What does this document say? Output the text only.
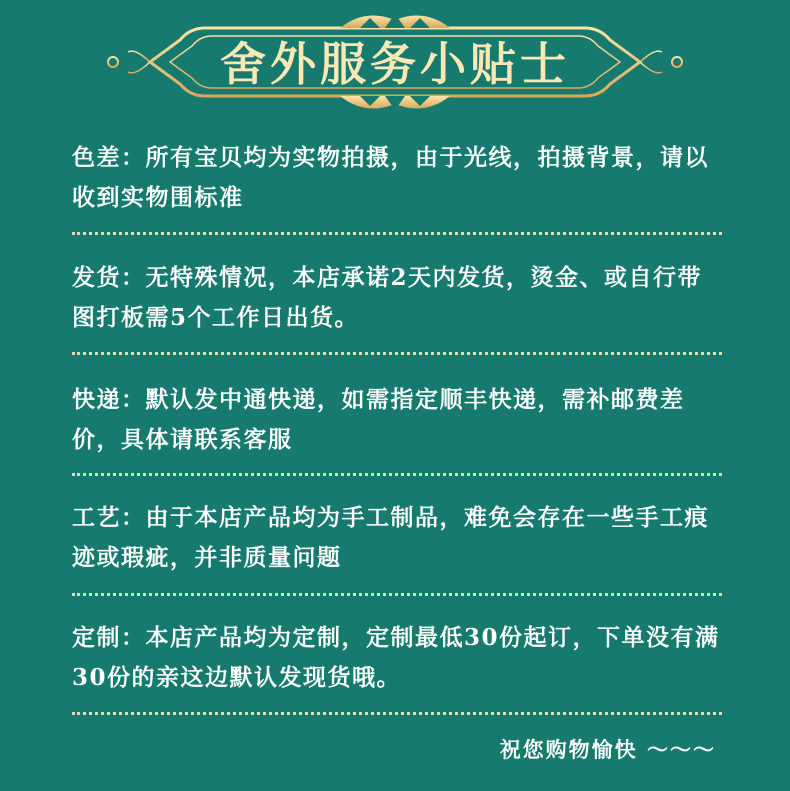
舍外服务小贴士

色差：所有宝贝均为实物拍摄，由于光线，拍摄背景，请以收到实物围标准

发货：无特殊情况，本店承诺2天内发货，烫金、或自行带图打板需5个工作日出货。

快递：默认发中通快递，如需指定顺丰快递，需补邮费差价，具体请联系客服

工艺：由于本店产品均为手工制品，难免会存在一些手工痕迹或瑕疵，并非质量问题

定制：本店产品均为定制，定制最低30份起订，下单没有满30份的亲这边默认发现货哦。

祝您购物愉快 ～～～
